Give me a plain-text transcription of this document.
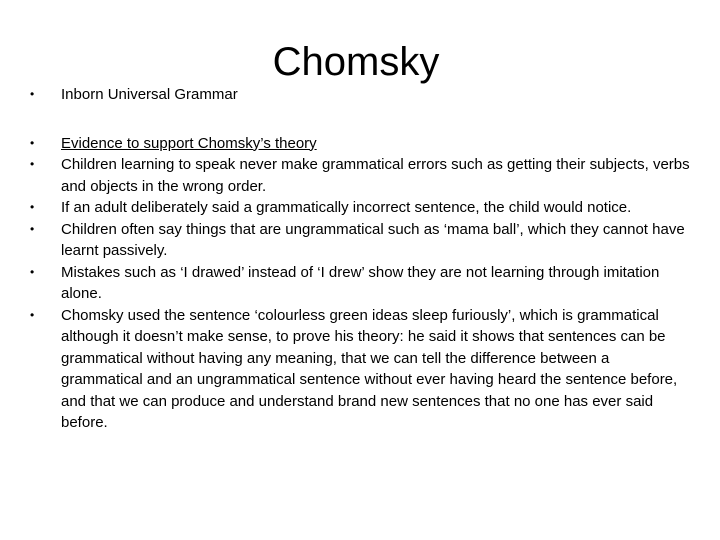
Chomsky
• Inborn Universal Grammar
• Evidence to support Chomsky’s theory
• Children learning to speak never make grammatical errors such as getting their subjects, verbs and objects in the wrong order.
• If an adult deliberately said a grammatically incorrect sentence, the child would notice.
• Children often say things that are ungrammatical such as ‘mama ball’, which they cannot have learnt passively.
• Mistakes such as ‘I drawed’ instead of ‘I drew’ show they are not learning through imitation alone.
• Chomsky used the sentence ‘colourless green ideas sleep furiously’, which is grammatical although it doesn’t make sense, to prove his theory: he said it shows that sentences can be grammatical without having any meaning, that we can tell the difference between a grammatical and an ungrammatical sentence without ever having heard the sentence before, and that we can produce and understand brand new sentences that no one has ever said before.
